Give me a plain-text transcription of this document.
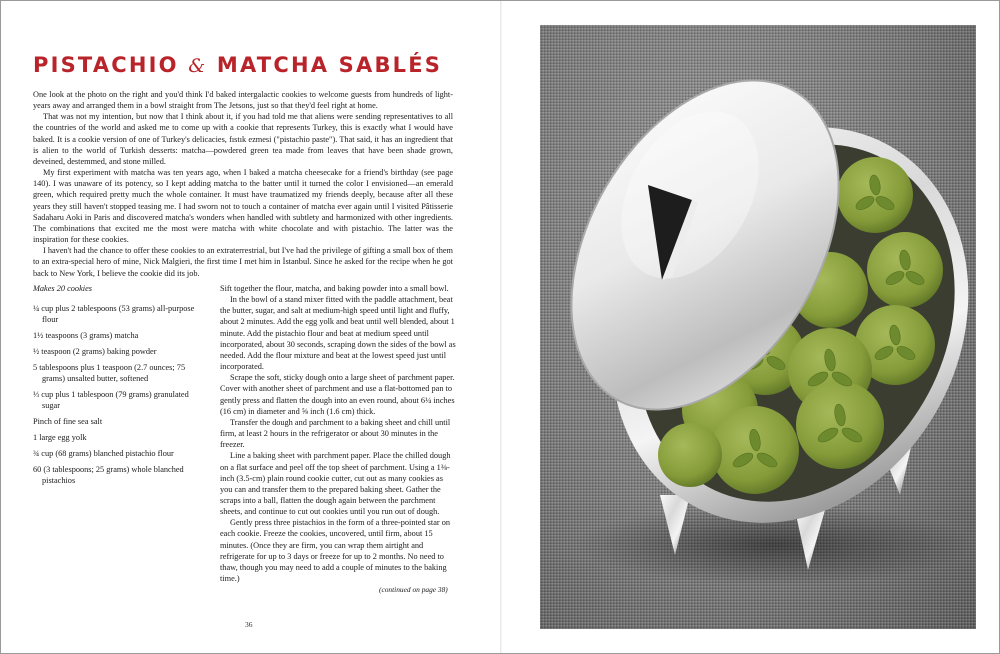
PISTACHIO & MATCHA SABLÉS

One look at the photo on the right and you'd think I'd baked intergalactic cookies to welcome guests from hundreds of light-years away and arranged them in a bowl straight from The Jetsons, just so that they'd feel right at home.

That was not my intention, but now that I think about it, if you had told me that aliens were sending representatives to all the countries of the world and asked me to come up with a cookie that represents Turkey, this is exactly what I would have baked. It is a cookie version of one of Turkey's delicacies, fıstık ezmesi ("pistachio paste"). That said, it has an ingredient that is alien to the world of Turkish desserts: matcha—powdered green tea made from leaves that have been shade grown, deveined, destemmed, and stone milled.

My first experiment with matcha was ten years ago, when I baked a matcha cheesecake for a friend's birthday (see page 140). I was unaware of its potency, so I kept adding matcha to the batter until it turned the color I envisioned—an emerald green, which required pretty much the whole container. It must have traumatized my friends deeply, because after all these years they still haven't stopped teasing me. I had sworn not to touch a container of matcha ever again until I visited Pâtisserie Sadaharu Aoki in Paris and discovered matcha's wonders when handled with subtlety and harmonized with other ingredients. The combinations that excited me the most were matcha with white chocolate and with pistachio. The latter was the inspiration for these cookies.

I haven't had the chance to offer these cookies to an extraterrestrial, but I've had the privilege of gifting a small box of them to an extra-special hero of mine, Nick Malgieri, the first time I met him in İstanbul. Since he asked for the recipe when he got back to New York, I believe the cookie did its job.

Makes 20 cookies

¼ cup plus 2 tablespoons (53 grams) all-purpose flour
1½ teaspoons (3 grams) matcha
½ teaspoon (2 grams) baking powder
5 tablespoons plus 1 teaspoon (2.7 ounces; 75 grams) unsalted butter, softened
⅓ cup plus 1 tablespoon (79 grams) granulated sugar
Pinch of fine sea salt
1 large egg yolk
¾ cup (68 grams) blanched pistachio flour
60 (3 tablespoons; 25 grams) whole blanched pistachios

Sift together the flour, matcha, and baking powder into a small bowl.

In the bowl of a stand mixer fitted with the paddle attachment, beat the butter, sugar, and salt at medium-high speed until light and fluffy, about 2 minutes. Add the egg yolk and beat until well blended, about 1 minute. Add the pistachio flour and beat at medium speed until incorporated, about 30 seconds, scraping down the sides of the bowl as needed. Add the flour mixture and beat at the lowest speed just until incorporated.

Scrape the soft, sticky dough onto a large sheet of parchment paper. Cover with another sheet of parchment and use a flat-bottomed pan to gently press and flatten the dough into an even round, about 6¼ inches (16 cm) in diameter and ⅝ inch (1.6 cm) thick.

Transfer the dough and parchment to a baking sheet and chill until firm, at least 2 hours in the refrigerator or about 30 minutes in the freezer.

Line a baking sheet with parchment paper. Place the chilled dough on a flat surface and peel off the top sheet of parchment. Using a 1⅜-inch (3.5-cm) plain round cookie cutter, cut out as many cookies as you can and transfer them to the prepared baking sheet. Gather the scraps into a ball, flatten the dough again between the parchment sheets, and continue to cut out cookies until you run out of dough.

Gently press three pistachios in the form of a three-pointed star on each cookie. Freeze the cookies, uncovered, until firm, about 15 minutes. (Once they are firm, you can wrap them airtight and refrigerate for up to 3 days or freeze for up to 2 months. No need to thaw, though you may need to add a couple of minutes to the baking time.)

(continued on page 38)
36
